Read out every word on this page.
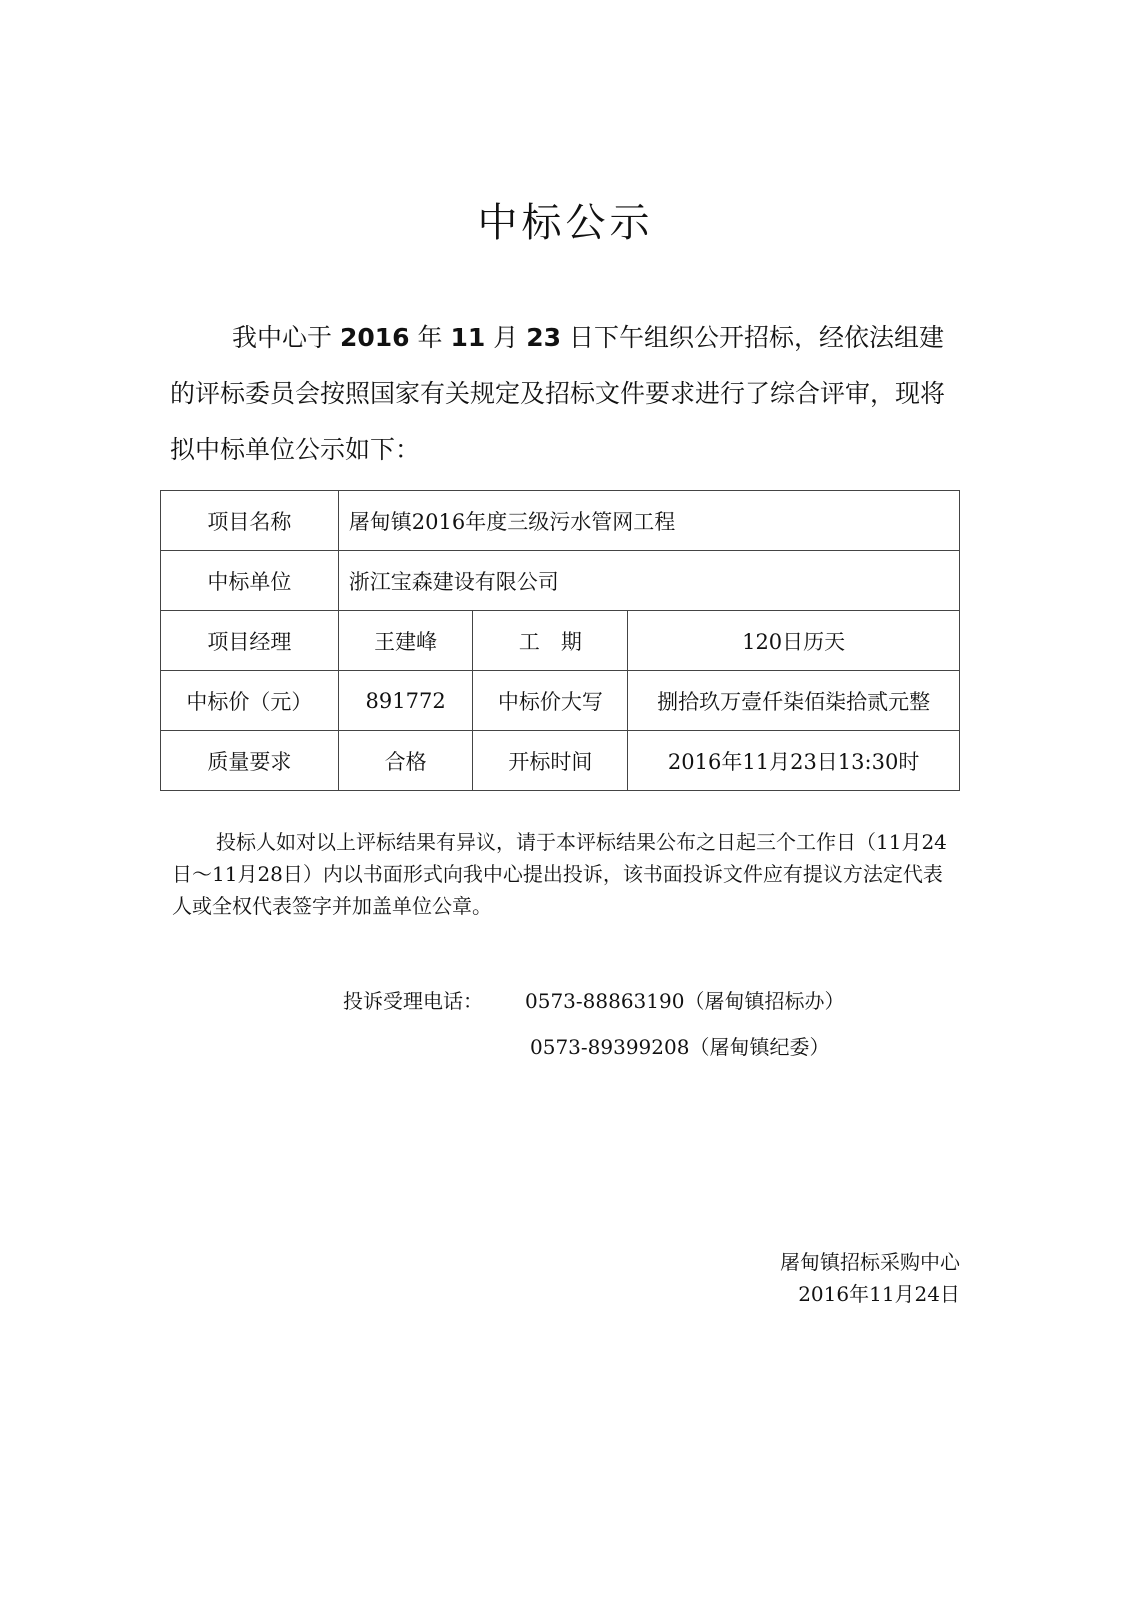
中标公示
我中心于 2016 年 11 月 23 日下午组织公开招标，经依法组建的评标委员会按照国家有关规定及招标文件要求进行了综合评审，现将拟中标单位公示如下：
项目名称	屠甸镇2016年度三级污水管网工程		
中标单位	浙江宝森建设有限公司		
项目经理	王建峰	工　期	120日历天
中标价（元）	891772	中标价大写	捌拾玖万壹仟柒佰柒拾贰元整
质量要求	合格	开标时间	2016年11月23日13:30时
投标人如对以上评标结果有异议，请于本评标结果公布之日起三个工作日（11月24日～11月28日）内以书面形式向我中心提出投诉，该书面投诉文件应有提议方法定代表人或全权代表签字并加盖单位公章。
投诉受理电话： 0573-88863190（屠甸镇招标办）
0573-89399208（屠甸镇纪委）
屠甸镇招标采购中心
2016年11月24日
